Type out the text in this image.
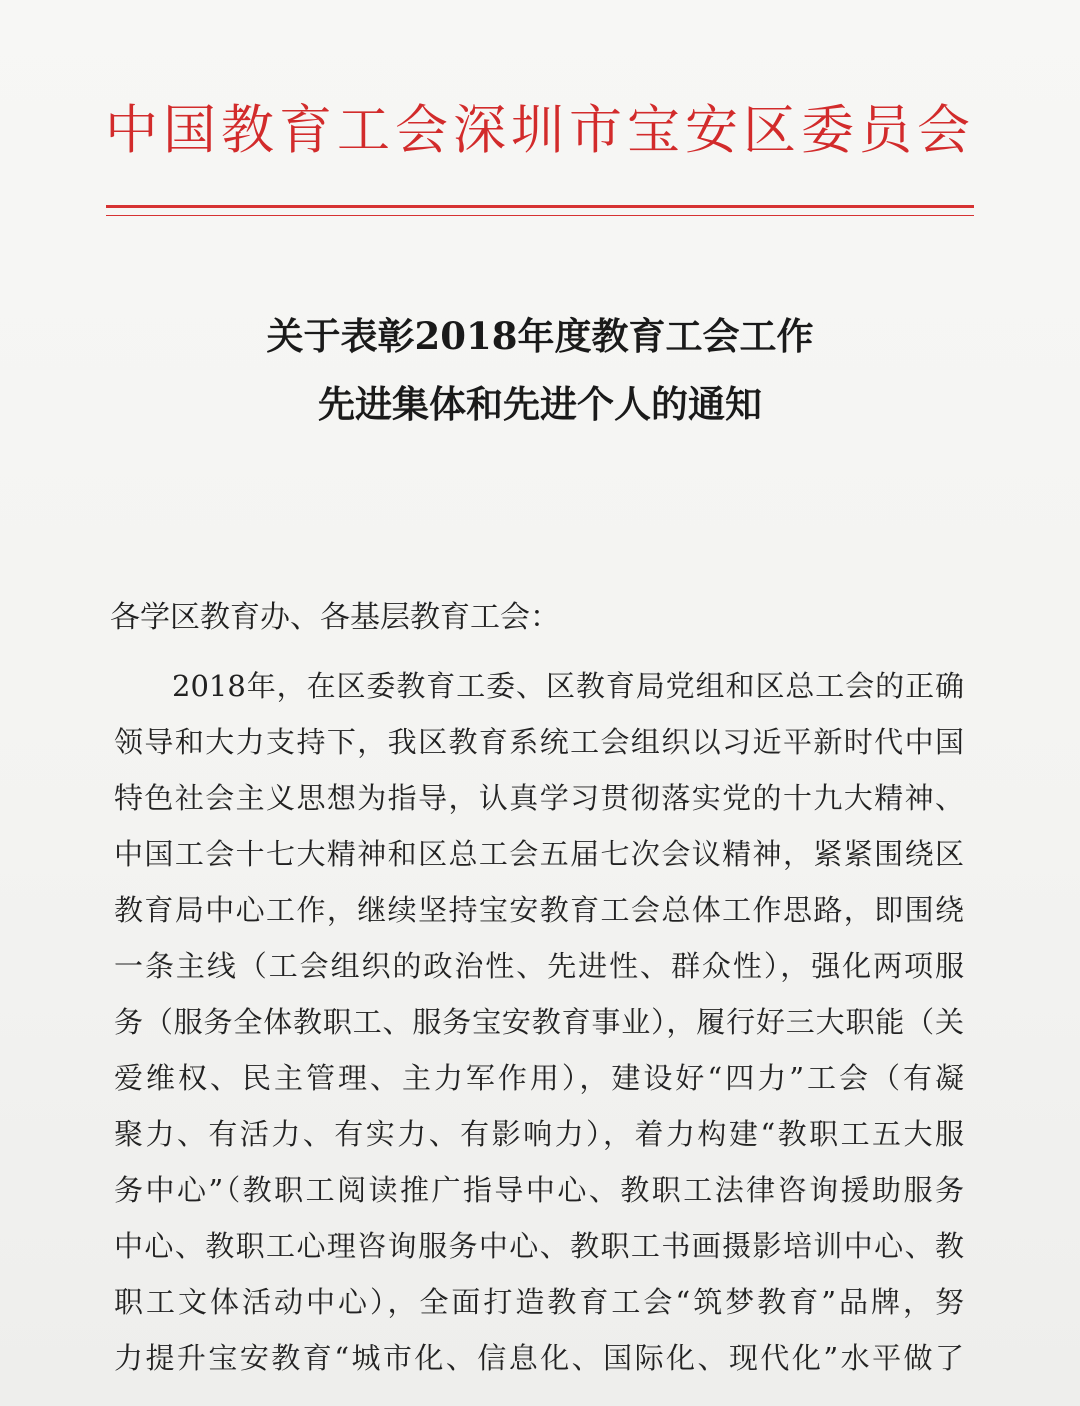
中国教育工会深圳市宝安区委员会
关于表彰2018年度教育工会工作
先进集体和先进个人的通知
各学区教育办、各基层教育工会：
2018年，在区委教育工委、区教育局党组和区总工会的正确
领导和大力支持下，我区教育系统工会组织以习近平新时代中国
特色社会主义思想为指导，认真学习贯彻落实党的十九大精神、
中国工会十七大精神和区总工会五届七次会议精神，紧紧围绕区
教育局中心工作，继续坚持宝安教育工会总体工作思路，即围绕
一条主线（工会组织的政治性、先进性、群众性），强化两项服
务（服务全体教职工、服务宝安教育事业），履行好三大职能（关
爱维权、民主管理、主力军作用），建设好“四力”工会（有凝
聚力、有活力、有实力、有影响力），着力构建“教职工五大服
务中心”（教职工阅读推广指导中心、教职工法律咨询援助服务
中心、教职工心理咨询服务中心、教职工书画摄影培训中心、教
职工文体活动中心），全面打造教育工会“筑梦教育”品牌，努
力提升宝安教育“城市化、信息化、国际化、现代化”水平做了
